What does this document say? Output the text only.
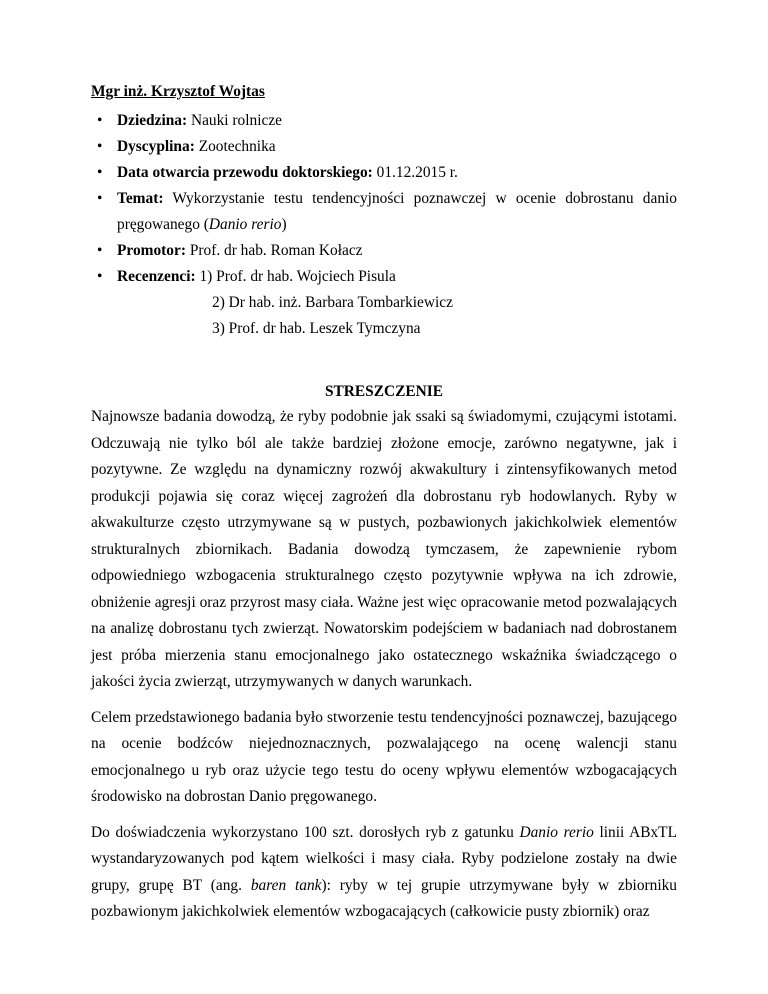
Mgr inż. Krzysztof Wojtas

• Dziedzina: Nauki rolnicze
• Dyscyplina: Zootechnika
• Data otwarcia przewodu doktorskiego: 01.12.2015 r.
• Temat: Wykorzystanie testu tendencyjności poznawczej w ocenie dobrostanu danio pręgowanego (Danio rerio)
• Promotor: Prof. dr hab. Roman Kołacz
• Recenzenci: 1) Prof. dr hab. Wojciech Pisula
2) Dr hab. inż. Barbara Tombarkiewicz
3) Prof. dr hab. Leszek Tymczyna
STRESZCZENIE

Najnowsze badania dowodzą, że ryby podobnie jak ssaki są świadomymi, czującymi istotami. Odczuwają nie tylko ból ale także bardziej złożone emocje, zarówno negatywne, jak i pozytywne. Ze względu na dynamiczny rozwój akwakultury i zintensyfikowanych metod produkcji pojawia się coraz więcej zagrożeń dla dobrostanu ryb hodowlanych. Ryby w akwakulturze często utrzymywane są w pustych, pozbawionych jakichkolwiek elementów strukturalnych zbiornikach. Badania dowodzą tymczasem, że zapewnienie rybom odpowiedniego wzbogacenia strukturalnego często pozytywnie wpływa na ich zdrowie, obniżenie agresji oraz przyrost masy ciała. Ważne jest więc opracowanie metod pozwalających na analizę dobrostanu tych zwierząt. Nowatorskim podejściem w badaniach nad dobrostanem jest próba mierzenia stanu emocjonalnego jako ostatecznego wskaźnika świadczącego o jakości życia zwierząt, utrzymywanych w danych warunkach.

Celem przedstawionego badania było stworzenie testu tendencyjności poznawczej, bazującego na ocenie bodźców niejednoznacznych, pozwalającego na ocenę walencji stanu emocjonalnego u ryb oraz użycie tego testu do oceny wpływu elementów wzbogacających środowisko na dobrostan Danio pręgowanego.

Do doświadczenia wykorzystano 100 szt. dorosłych ryb z gatunku Danio rerio linii ABxTL wystandaryzowanych pod kątem wielkości i masy ciała. Ryby podzielone zostały na dwie grupy, grupę BT (ang. baren tank): ryby w tej grupie utrzymywane były w zbiorniku pozbawionym jakichkolwiek elementów wzbogacających (całkowicie pusty zbiornik) oraz
